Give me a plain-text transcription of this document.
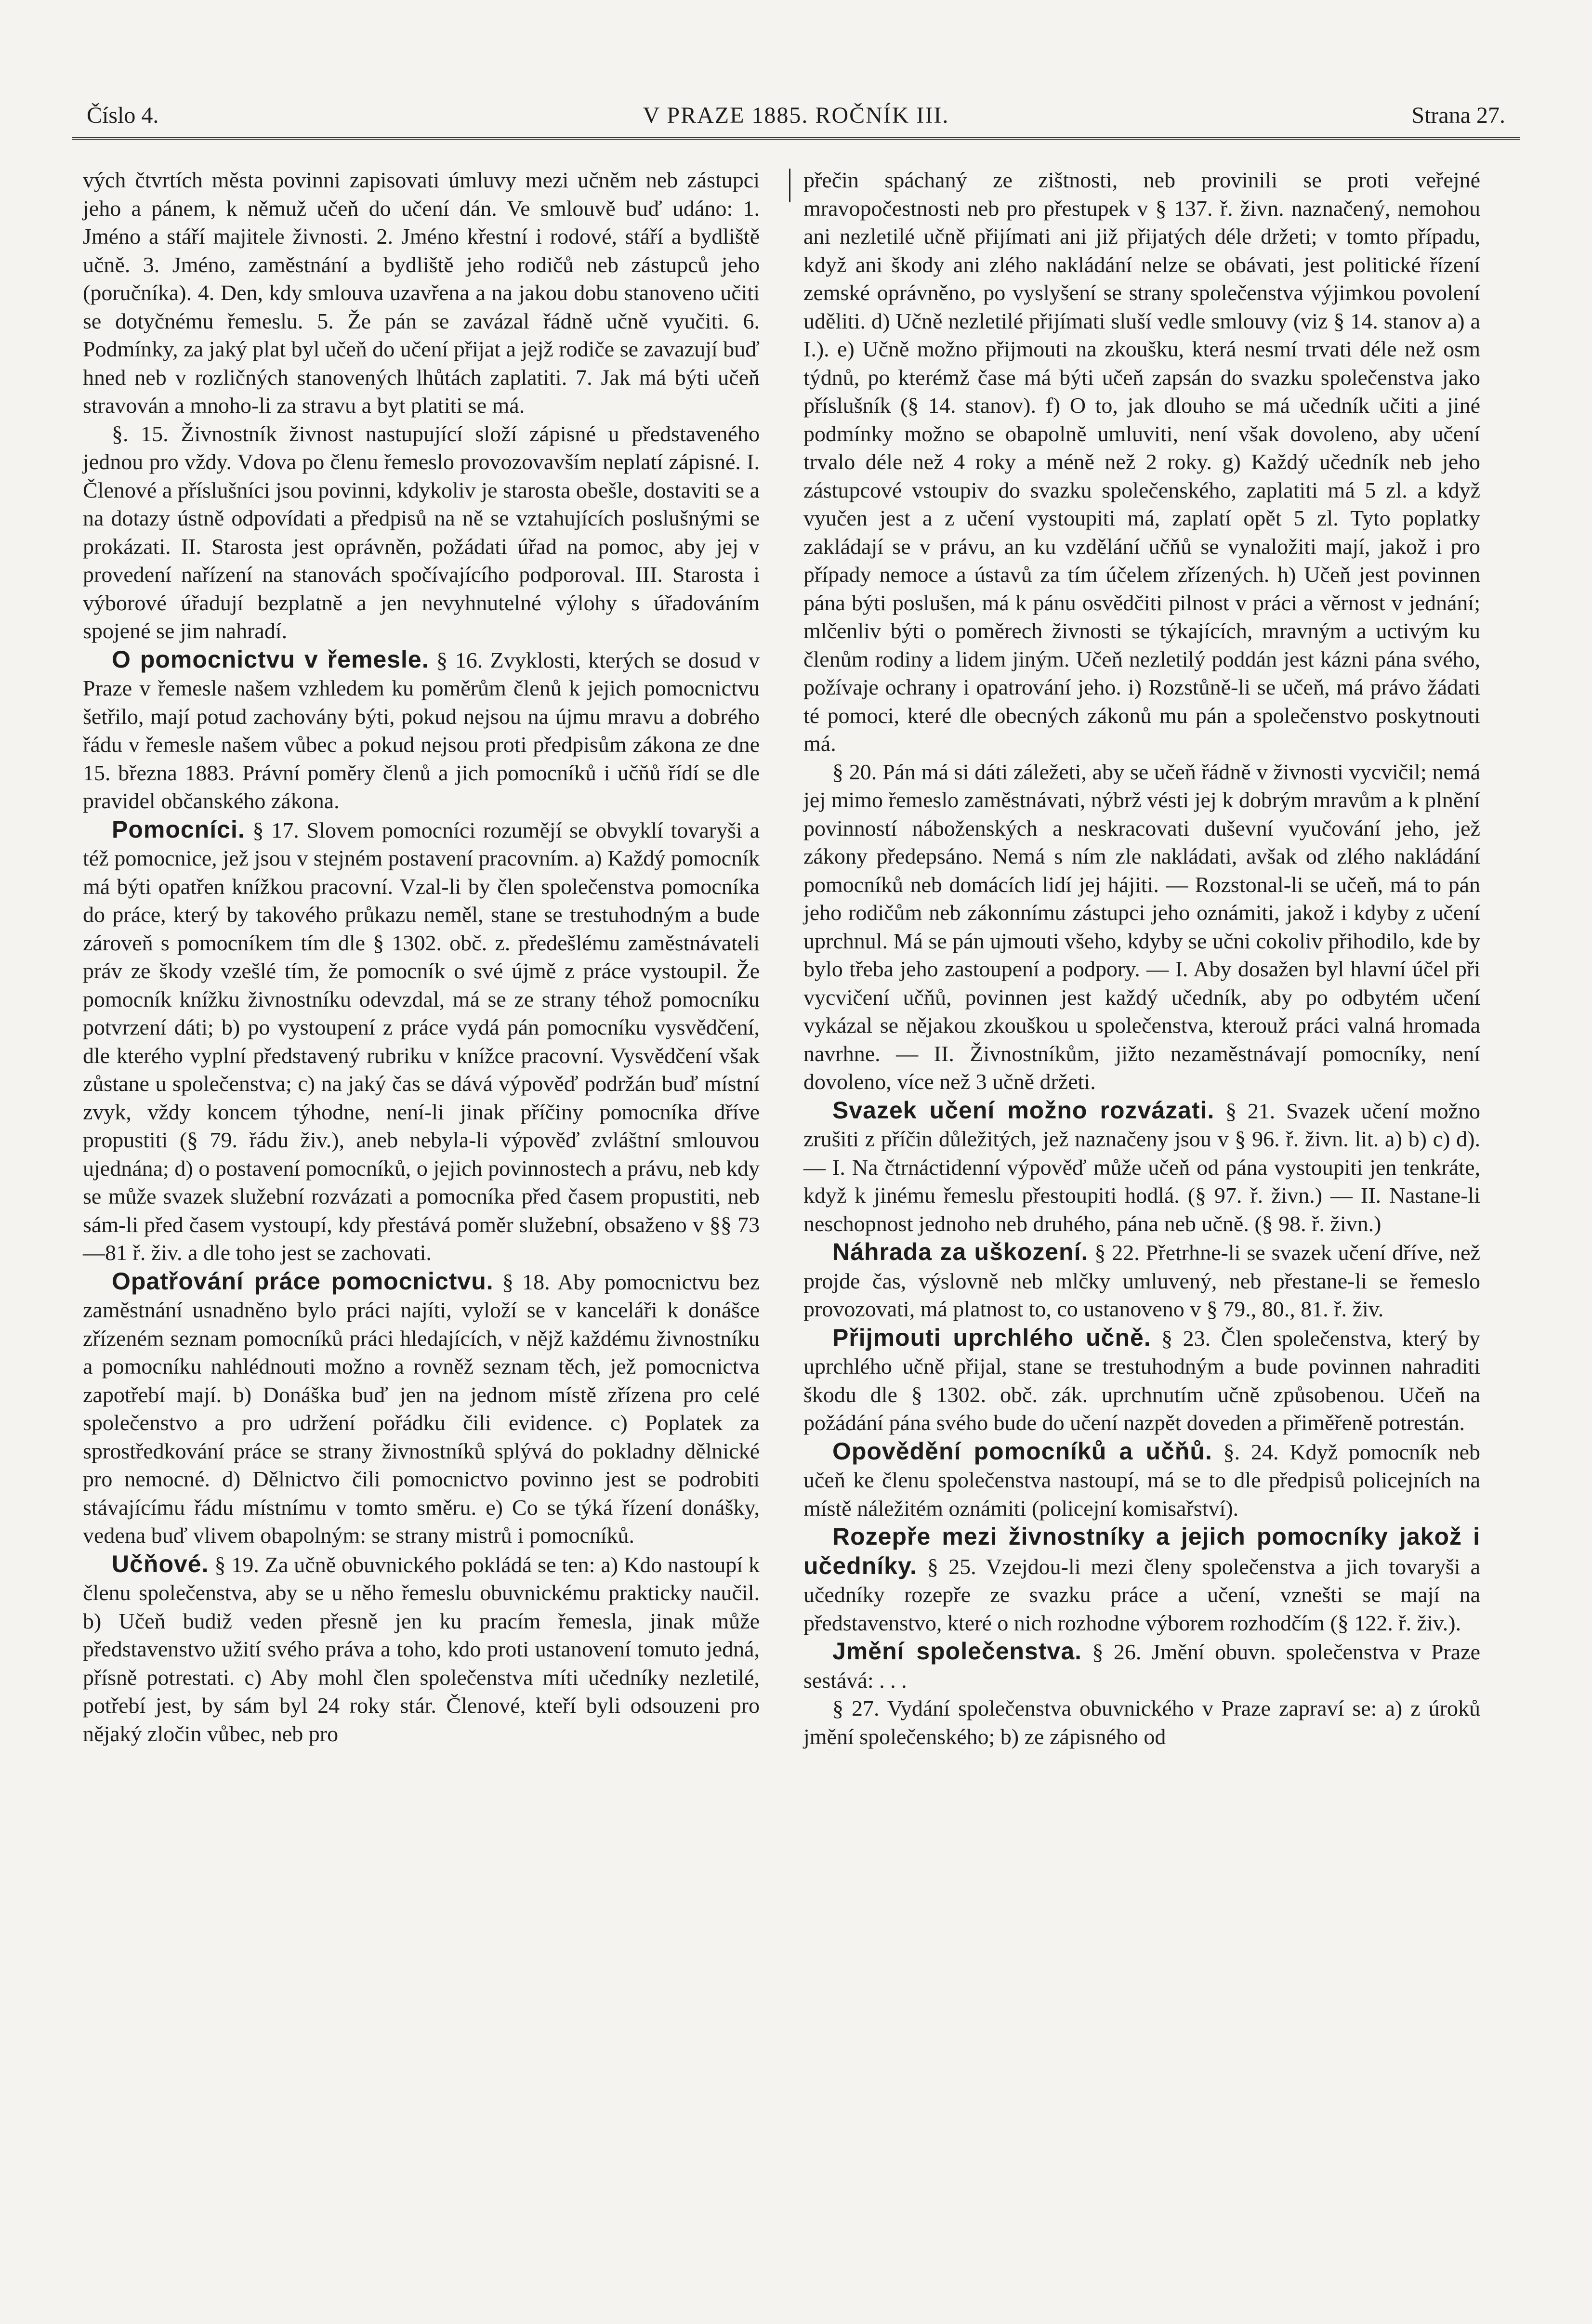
Číslo 4.	V PRAZE 1885. ROČNÍK III.	Strana 27.

vých čtvrtích města povinni zapisovati úmluvy mezi učněm neb zástupci jeho a pánem, k němuž učeň do učení dán. Ve smlouvě buď udáno: 1. Jméno a stáří majitele živnosti. 2. Jméno křestní i rodové, stáří a bydliště učně. 3. Jméno, zaměstnání a bydliště jeho rodičů neb zástupců jeho (poručníka). 4. Den, kdy smlouva uzavřena a na jakou dobu stanoveno učiti se dotyčnému řemeslu. 5. Že pán se zavázal řádně učně vyučiti. 6. Podmínky, za jaký plat byl učeň do učení přijat a jejž rodiče se zavazují buď hned neb v rozličných stanovených lhůtách zaplatiti. 7. Jak má býti učeň stravován a mnoho-li za stravu a byt platiti se má.

§. 15. Živnostník živnost nastupující složí zápisné u představeného jednou pro vždy. Vdova po členu řemeslo provozovavším neplatí zápisné. I. Členové a příslušníci jsou povinni, kdykoliv je starosta obešle, dostaviti se a na dotazy ústně odpovídati a předpisů na ně se vztahujících poslušnými se prokázati. II. Starosta jest oprávněn, požádati úřad na pomoc, aby jej v provedení nařízení na stanovách spočívajícího podporoval. III. Starosta i výborové úřadují bezplatně a jen nevyhnutelné výlohy s úřadováním spojené se jim nahradí.

O pomocnictvu v řemesle. § 16. Zvyklosti, kterých se dosud v Praze v řemesle našem vzhledem ku poměrům členů k jejich pomocnictvu šetřilo, mají potud zachovány býti, pokud nejsou na újmu mravu a dobrého řádu v řemesle našem vůbec a pokud nejsou proti předpisům zákona ze dne 15. března 1883. Právní poměry členů a jich pomocníků i učňů řídí se dle pravidel občanského zákona.

Pomocníci. § 17. Slovem pomocníci rozumějí se obvyklí tovaryši a též pomocnice, jež jsou v stejném postavení pracovním. a) Každý pomocník má býti opatřen knížkou pracovní. Vzal-li by člen společenstva pomocníka do práce, který by takového průkazu neměl, stane se trestuhodným a bude zároveň s pomocníkem tím dle § 1302. obč. z. předešlému zaměstnávateli práv ze škody vzešlé tím, že pomocník o své újmě z práce vystoupil. Že pomocník knížku živnostníku odevzdal, má se ze strany téhož pomocníku potvrzení dáti; b) po vystoupení z práce vydá pán pomocníku vysvědčení, dle kterého vyplní představený rubriku v knížce pracovní. Vysvědčení však zůstane u společenstva; c) na jaký čas se dává výpověď podržán buď místní zvyk, vždy koncem týhodne, není-li jinak příčiny pomocníka dříve propustiti (§ 79. řádu živ.), aneb nebyla-li výpověď zvláštní smlouvou ujednána; d) o postavení pomocníků, o jejich povinnostech a právu, neb kdy se může svazek služební rozvázati a pomocníka před časem propustiti, neb sám-li před časem vystoupí, kdy přestává poměr služební, obsaženo v §§ 73—81 ř. živ. a dle toho jest se zachovati.

Opatřování práce pomocnictvu. § 18. Aby pomocnictvu bez zaměstnání usnadněno bylo práci najíti, vyloží se v kanceláři k donášce zřízeném seznam pomocníků práci hledajících, v nějž každému živnostníku a pomocníku nahlédnouti možno a rovněž seznam těch, jež pomocnictva zapotřebí mají. b) Donáška buď jen na jednom místě zřízena pro celé společenstvo a pro udržení pořádku čili evidence. c) Poplatek za sprostředkování práce se strany živnostníků splývá do pokladny dělnické pro nemocné. d) Dělnictvo čili pomocnictvo povinno jest se podrobiti stávajícímu řádu místnímu v tomto směru. e) Co se týká řízení donášky, vedena buď vlivem obapolným: se strany mistrů i pomocníků.

Učňové. § 19. Za učně obuvnického pokládá se ten: a) Kdo nastoupí k členu společenstva, aby se u něho řemeslu obuvnickému prakticky naučil. b) Učeň budiž veden přesně jen ku pracím řemesla, jinak může představenstvo užití svého práva a toho, kdo proti ustanovení tomuto jedná, přísně potrestati. c) Aby mohl člen společenstva míti učedníky nezletilé, potřebí jest, by sám byl 24 roky stár. Členové, kteří byli odsouzeni pro nějaký zločin vůbec, neb pro

přečin spáchaný ze zištnosti, neb provinili se proti veřejné mravopočestnosti neb pro přestupek v § 137. ř. živn. naznačený, nemohou ani nezletilé učně přijímati ani již přijatých déle držeti; v tomto případu, když ani škody ani zlého nakládání nelze se obávati, jest politické řízení zemské oprávněno, po vyslyšení se strany společenstva výjimkou povolení uděliti. d) Učně nezletilé přijímati sluší vedle smlouvy (viz § 14. stanov a) a I.). e) Učně možno přijmouti na zkoušku, která nesmí trvati déle než osm týdnů, po kterémž čase má býti učeň zapsán do svazku společenstva jako příslušník (§ 14. stanov). f) O to, jak dlouho se má učedník učiti a jiné podmínky možno se obapolně umluviti, není však dovoleno, aby učení trvalo déle než 4 roky a méně než 2 roky. g) Každý učedník neb jeho zástupcové vstoupiv do svazku společenského, zaplatiti má 5 zl. a když vyučen jest a z učení vystoupiti má, zaplatí opět 5 zl. Tyto poplatky zakládají se v právu, an ku vzdělání učňů se vynaložiti mají, jakož i pro případy nemoce a ústavů za tím účelem zřízených. h) Učeň jest povinnen pána býti poslušen, má k pánu osvědčiti pilnost v práci a věrnost v jednání; mlčenliv býti o poměrech živnosti se týkajících, mravným a uctivým ku členům rodiny a lidem jiným. Učeň nezletilý poddán jest kázni pána svého, požívaje ochrany i opatrování jeho. i) Rozstůně-li se učeň, má právo žádati té pomoci, které dle obecných zákonů mu pán a společenstvo poskytnouti má.

§ 20. Pán má si dáti záležeti, aby se učeň řádně v živnosti vycvičil; nemá jej mimo řemeslo zaměstnávati, nýbrž vésti jej k dobrým mravům a k plnění povinností náboženských a neskracovati duševní vyučování jeho, jež zákony předepsáno. Nemá s ním zle nakládati, avšak od zlého nakládání pomocníků neb domácích lidí jej hájiti. — Rozstonal-li se učeň, má to pán jeho rodičům neb zákonnímu zástupci jeho oznámiti, jakož i kdyby z učení uprchnul. Má se pán ujmouti všeho, kdyby se učni cokoliv přihodilo, kde by bylo třeba jeho zastoupení a podpory. — I. Aby dosažen byl hlavní účel při vycvičení učňů, povinnen jest každý učedník, aby po odbytém učení vykázal se nějakou zkouškou u společenstva, kterouž práci valná hromada navrhne. — II. Živnostníkům, jižto nezaměstnávají pomocníky, není dovoleno, více než 3 učně držeti.

Svazek učení možno rozvázati. § 21. Svazek učení možno zrušiti z příčin důležitých, jež naznačeny jsou v § 96. ř. živn. lit. a) b) c) d). — I. Na čtrnáctidenní výpověď může učeň od pána vystoupiti jen tenkráte, když k jinému řemeslu přestoupiti hodlá. (§ 97. ř. živn.) — II. Nastane-li neschopnost jednoho neb druhého, pána neb učně. (§ 98. ř. živn.)

Náhrada za uškození. § 22. Přetrhne-li se svazek učení dříve, než projde čas, výslovně neb mlčky umluvený, neb přestane-li se řemeslo provozovati, má platnost to, co ustanoveno v § 79., 80., 81. ř. živ.

Přijmouti uprchlého učně. § 23. Člen společenstva, který by uprchlého učně přijal, stane se trestuhodným a bude povinnen nahraditi škodu dle § 1302. obč. zák. uprchnutím učně způsobenou. Učeň na požádání pána svého bude do učení nazpět doveden a přiměřeně potrestán.

Opovědění pomocníků a učňů. §. 24. Když pomocník neb učeň ke členu společenstva nastoupí, má se to dle předpisů policejních na místě náležitém oznámiti (policejní komisařství).

Rozepře mezi živnostníky a jejich pomocníky jakož i učedníky. § 25. Vzejdou-li mezi členy společenstva a jich tovaryši a učedníky rozepře ze svazku práce a učení, vznešti se mají na představenstvo, které o nich rozhodne výborem rozhodčím (§ 122. ř. živ.).

Jmění společenstva. § 26. Jmění obuvn. společenstva v Praze sestává: . . .

§ 27. Vydání společenstva obuvnického v Praze zapraví se: a) z úroků jmění společenského; b) ze zápisného od
